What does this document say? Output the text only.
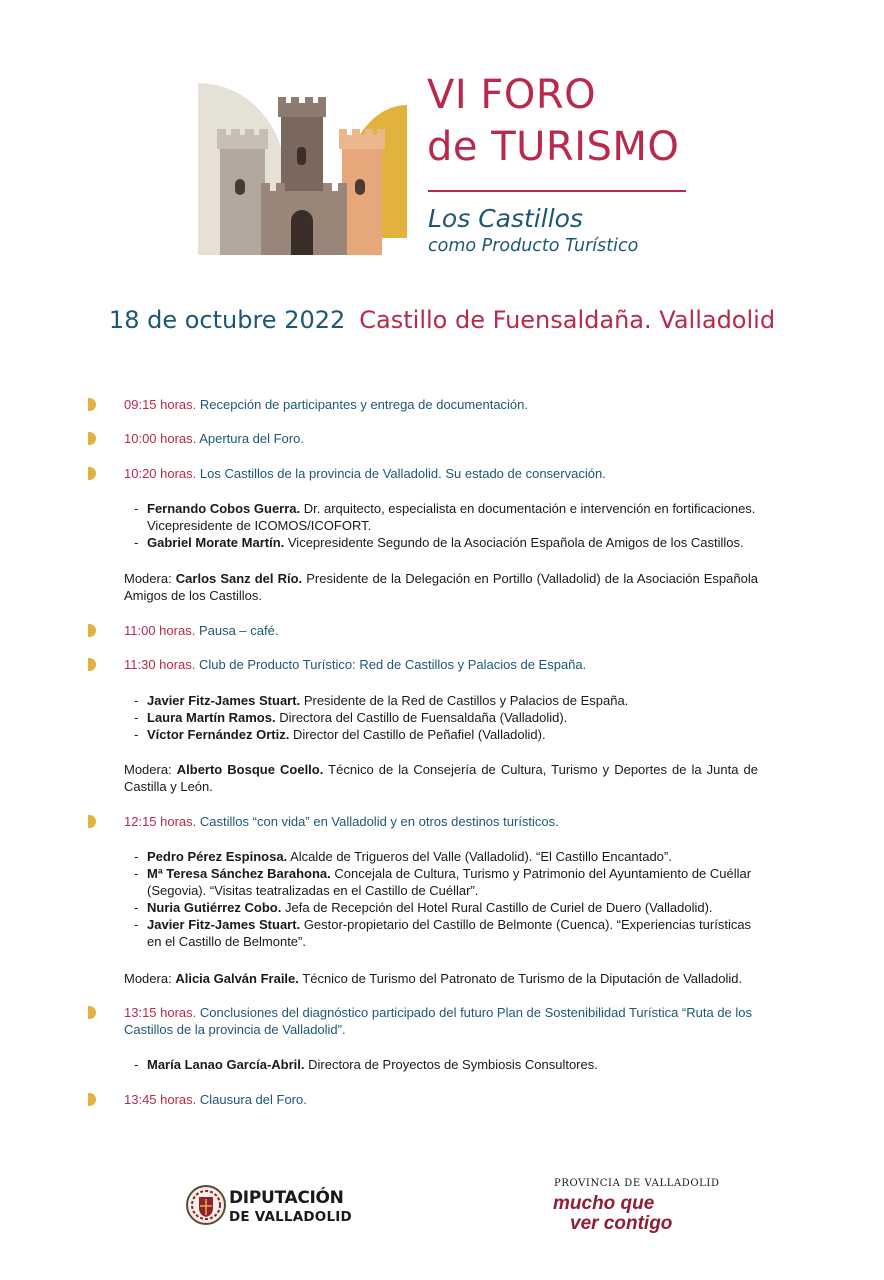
VI FORO
de TURISMO
Los Castillos
como Producto Turístico
18 de octubre 2022 Castillo de Fuensaldaña. Valladolid
09:15 horas. Recepción de participantes y entrega de documentación.
10:00 horas. Apertura del Foro.
10:20 horas. Los Castillos de la provincia de Valladolid. Su estado de conservación.
- Fernando Cobos Guerra. Dr. arquitecto, especialista en documentación e intervención en fortificaciones. Vicepresidente de ICOMOS/ICOFORT.
- Gabriel Morate Martín. Vicepresidente Segundo de la Asociación Española de Amigos de los Castillos.
Modera: Carlos Sanz del Río. Presidente de la Delegación en Portillo (Valladolid) de la Asociación Española Amigos de los Castillos.
11:00 horas. Pausa – café.
11:30 horas. Club de Producto Turístico: Red de Castillos y Palacios de España.
- Javier Fitz-James Stuart. Presidente de la Red de Castillos y Palacios de España.
- Laura Martín Ramos. Directora del Castillo de Fuensaldaña (Valladolid).
- Víctor Fernández Ortiz. Director del Castillo de Peñafiel (Valladolid).
Modera: Alberto Bosque Coello. Técnico de la Consejería de Cultura, Turismo y Deportes de la Junta de Castilla y León.
12:15 horas. Castillos “con vida” en Valladolid y en otros destinos turísticos.
- Pedro Pérez Espinosa. Alcalde de Trigueros del Valle (Valladolid). “El Castillo Encantado”.
- Mª Teresa Sánchez Barahona. Concejala de Cultura, Turismo y Patrimonio del Ayuntamiento de Cuéllar (Segovia). “Visitas teatralizadas en el Castillo de Cuéllar”.
- Nuria Gutiérrez Cobo. Jefa de Recepción del Hotel Rural Castillo de Curiel de Duero (Valladolid).
- Javier Fitz-James Stuart. Gestor-propietario del Castillo de Belmonte (Cuenca). “Experiencias turísticas en el Castillo de Belmonte”.
Modera: Alicia Galván Fraile. Técnico de Turismo del Patronato de Turismo de la Diputación de Valladolid.
13:15 horas. Conclusiones del diagnóstico participado del futuro Plan de Sostenibilidad Turística “Ruta de los Castillos de la provincia de Valladolid”.
- María Lanao García-Abril. Directora de Proyectos de Symbiosis Consultores.
13:45 horas. Clausura del Foro.
DIPUTACIÓN
DE VALLADOLID
PROVINCIA DE VALLADOLID
mucho que
ver contigo
